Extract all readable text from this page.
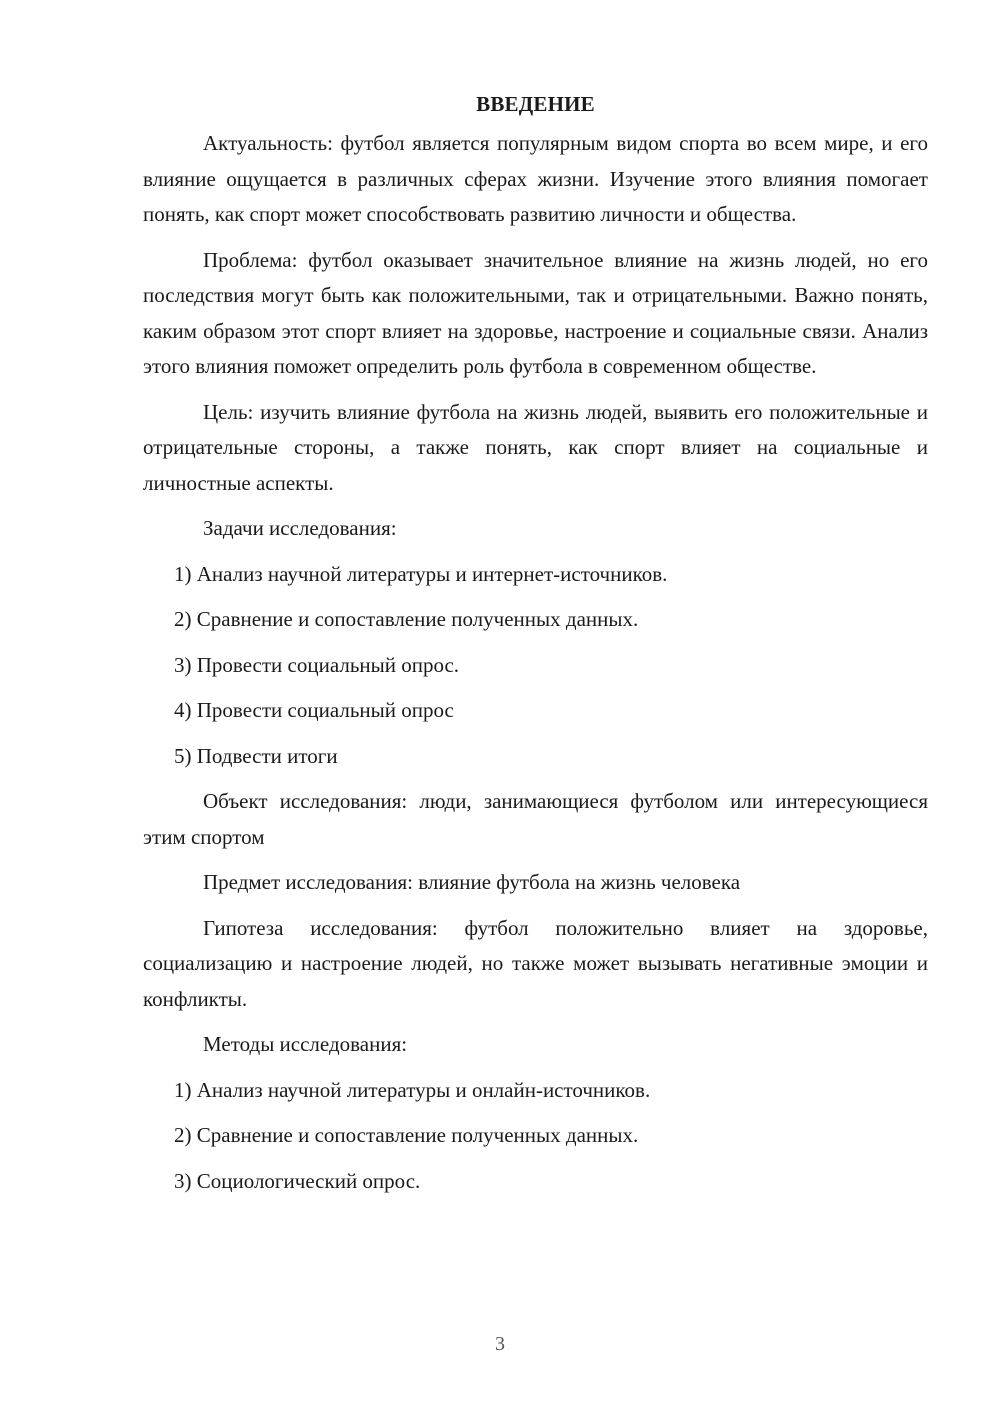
ВВЕДЕНИЕ

Актуальность: футбол является популярным видом спорта во всем мире, и его влияние ощущается в различных сферах жизни. Изучение этого влияния помогает понять, как спорт может способствовать развитию личности и общества.

Проблема: футбол оказывает значительное влияние на жизнь людей, но его последствия могут быть как положительными, так и отрицательными. Важно понять, каким образом этот спорт влияет на здоровье, настроение и социальные связи. Анализ этого влияния поможет определить роль футбола в современном обществе.

Цель: изучить влияние футбола на жизнь людей, выявить его положительные и отрицательные стороны, а также понять, как спорт влияет на социальные и личностные аспекты.

Задачи исследования:

1) Анализ научной литературы и интернет-источников.
2) Сравнение и сопоставление полученных данных.
3) Провести социальный опрос.
4) Провести социальный опрос
5) Подвести итоги

Объект исследования: люди, занимающиеся футболом или интересующиеся этим спортом

Предмет исследования: влияние футбола на жизнь человека

Гипотеза исследования: футбол положительно влияет на здоровье, социализацию и настроение людей, но также может вызывать негативные эмоции и конфликты.

Методы исследования:

1) Анализ научной литературы и онлайн-источников.
2) Сравнение и сопоставление полученных данных.
3) Социологический опрос.
3
